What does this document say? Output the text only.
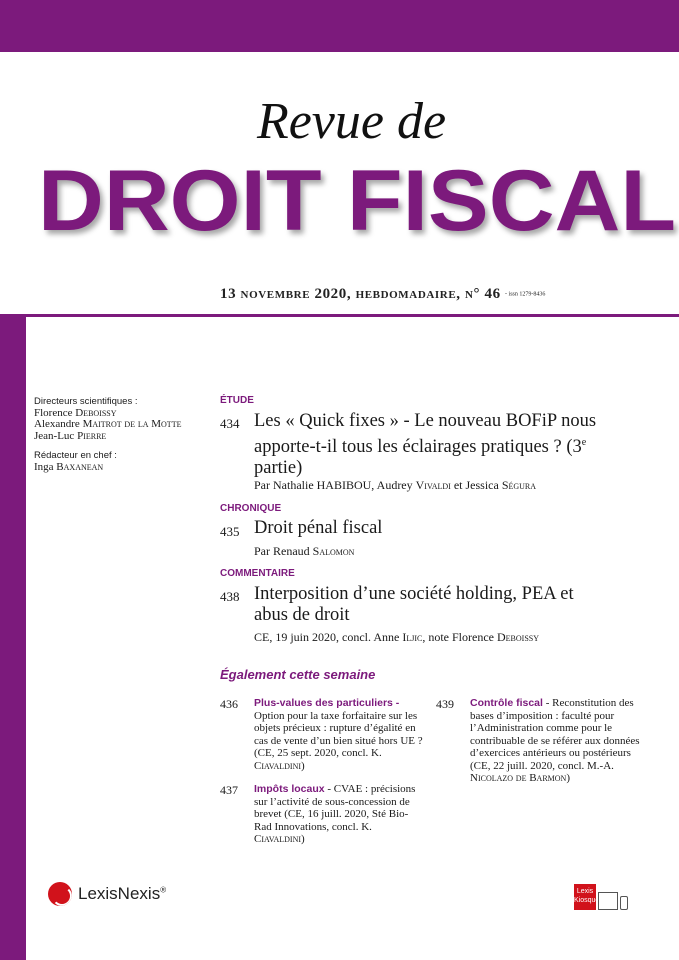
Revue de
DROIT FISCAL
13 novembre 2020, hebdomadaire, n° 46 - issn 1279-8436
Directeurs scientifiques :
Florence Deboissy
Alexandre Maitrot de la Motte
Jean-Luc Pierre
Rédacteur en chef :
Inga Baxanean
ÉTUDE
434 Les « Quick fixes » - Le nouveau BOFiP nous apporte-t-il tous les éclairages pratiques ? (3e partie)
Par Nathalie HABIBOU, Audrey Vivaldi et Jessica Ségura
CHRONIQUE
435 Droit pénal fiscal
Par Renaud Salomon
COMMENTAIRE
438 Interposition d’une société holding, PEA et abus de droit
CE, 19 juin 2020, concl. Anne Iljic, note Florence Deboissy
Également cette semaine
436 Plus-values des particuliers - Option pour la taxe forfaitaire sur les objets précieux : rupture d’égalité en cas de vente d’un bien situé hors UE ? (CE, 25 sept. 2020, concl. K. Ciavaldini)
437 Impôts locaux - CVAE : précisions sur l’activité de sous-concession de brevet (CE, 16 juill. 2020, Sté Bio-Rad Innovations, concl. K. Ciavaldini)
439 Contrôle fiscal - Reconstitution des bases d’imposition : faculté pour l’Administration comme pour le contribuable de se référer aux données d’exercices antérieurs ou postérieurs (CE, 22 juill. 2020, concl. M.-A. Nicolazo de Barmon)
LexisNexis®	Lexis Kiosque
